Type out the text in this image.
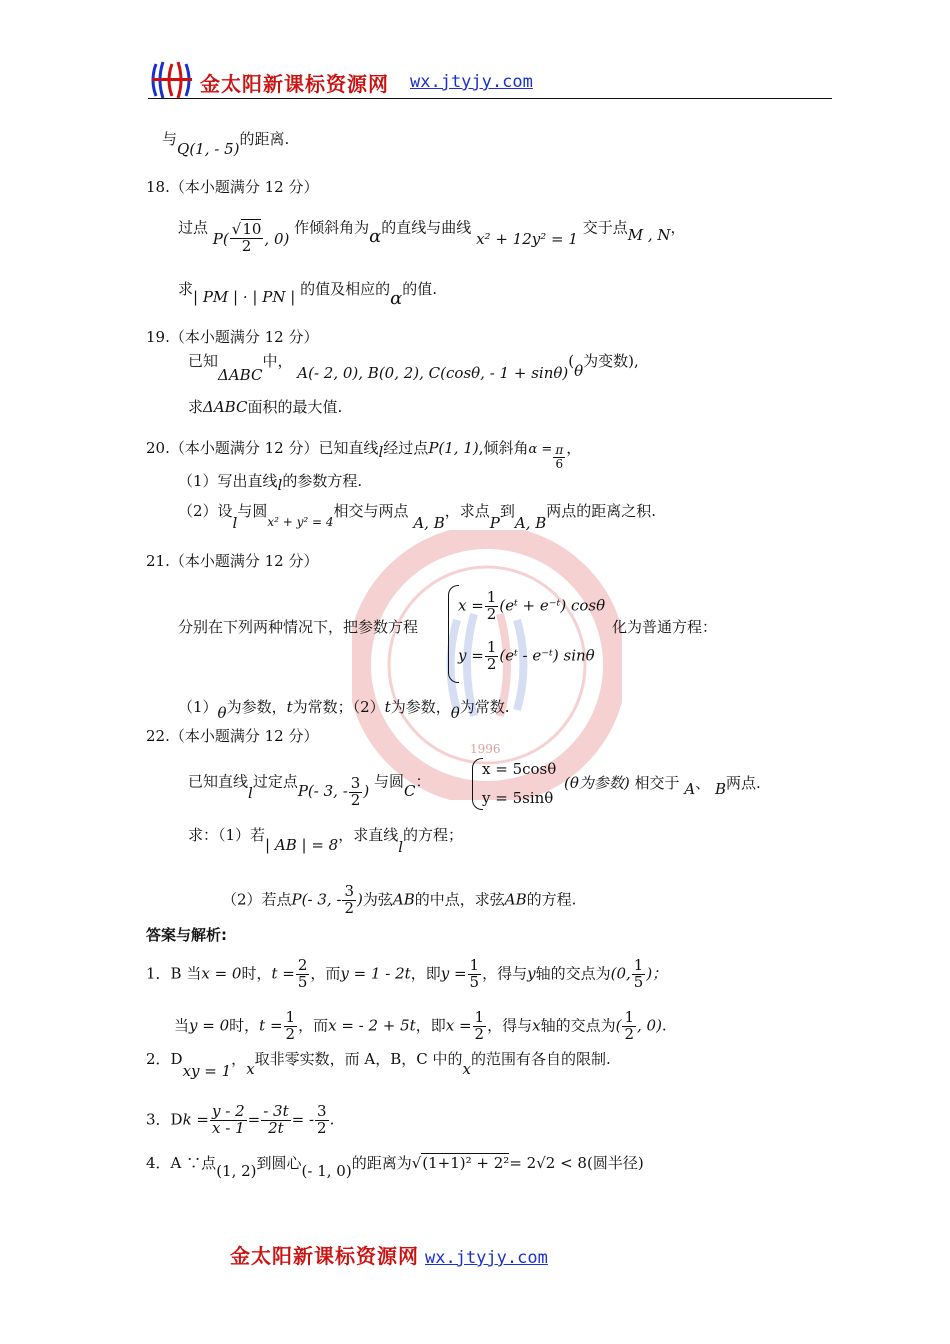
金太阳新课标资源网 wx.jtyjy.com
1996
与Q(1, - 5)的距离.
18.（本小题满分 12 分）
过点 $P( \frac{√10}{2}$ , 0) 作倾斜角为α的直线与曲线 x² + 12y² = 1 交于点M , N，
求| PM | · | PN | 的值及相应的α的值.
19.（本小题满分 12 分）
已知ΔABC中， A(- 2, 0), B(0, 2), C(cosθ, - 1 + sinθ)(θ为变数),
求ΔABC面积的最大值.
20.（本小题满分 12 分）已知直线l经过点P(1, 1),倾斜角$\alpha = \frac{\pi}{6}$ ，
（1）写出直线l的参数方程.
（2）设l与圆$_{x^2 + y^2 = 4}$相交与两点 A, B，求点P到A, B两点的距离之积.
21.（本小题满分 12 分）
分别在下列两种情况下，把参数方程
$x = \frac{1}{2}$ (eᵗ + e⁻ᵗ) cosθ
$y = \frac{1}{2}$ (eᵗ - e⁻ᵗ) sinθ
化为普通方程：
（1）θ为参数，t为常数；（2）t为参数，θ为常数.
22.（本小题满分 12 分）
已知直线l过定点P(- 3, - $\frac{3}{2}$ ) 与圆C：
x = 5cosθ
y = 5sinθ
(θ为参数) 相交于 A、 B两点.
求：（1）若| AB | = 8，求直线l的方程；
（2）若点P(- 3, - $\frac{3}{2}$ )为弦AB的中点，求弦AB的方程.
答案与解析:
1．B 当x = 0时，$t = \frac{2}{5}$ ，而y = 1 - 2t，即$y = \frac{1}{5}$ ，得与y轴的交点为(0, $\frac{1}{5}$ )；
当y = 0时，$t = \frac{1}{2}$ ，而x = - 2 + 5t，即$x = \frac{1}{2}$ ，得与x轴的交点为( $\frac{1}{2}$ , 0).
2．Dxy = 1，x取非零实数，而 A，B，C 中的x的范围有各自的限制.
3．$Dk = \frac{y - 2}{x - 1} = \frac{- 3t}{2t}$ = - $\frac{3}{2}$ .
4．A ∵点(1, 2)到圆心(- 1, 0)的距离为√(1+1)² + 2²= 2√2 < 8(圆半径)
金太阳新课标资源网 wx.jtyjy.com
